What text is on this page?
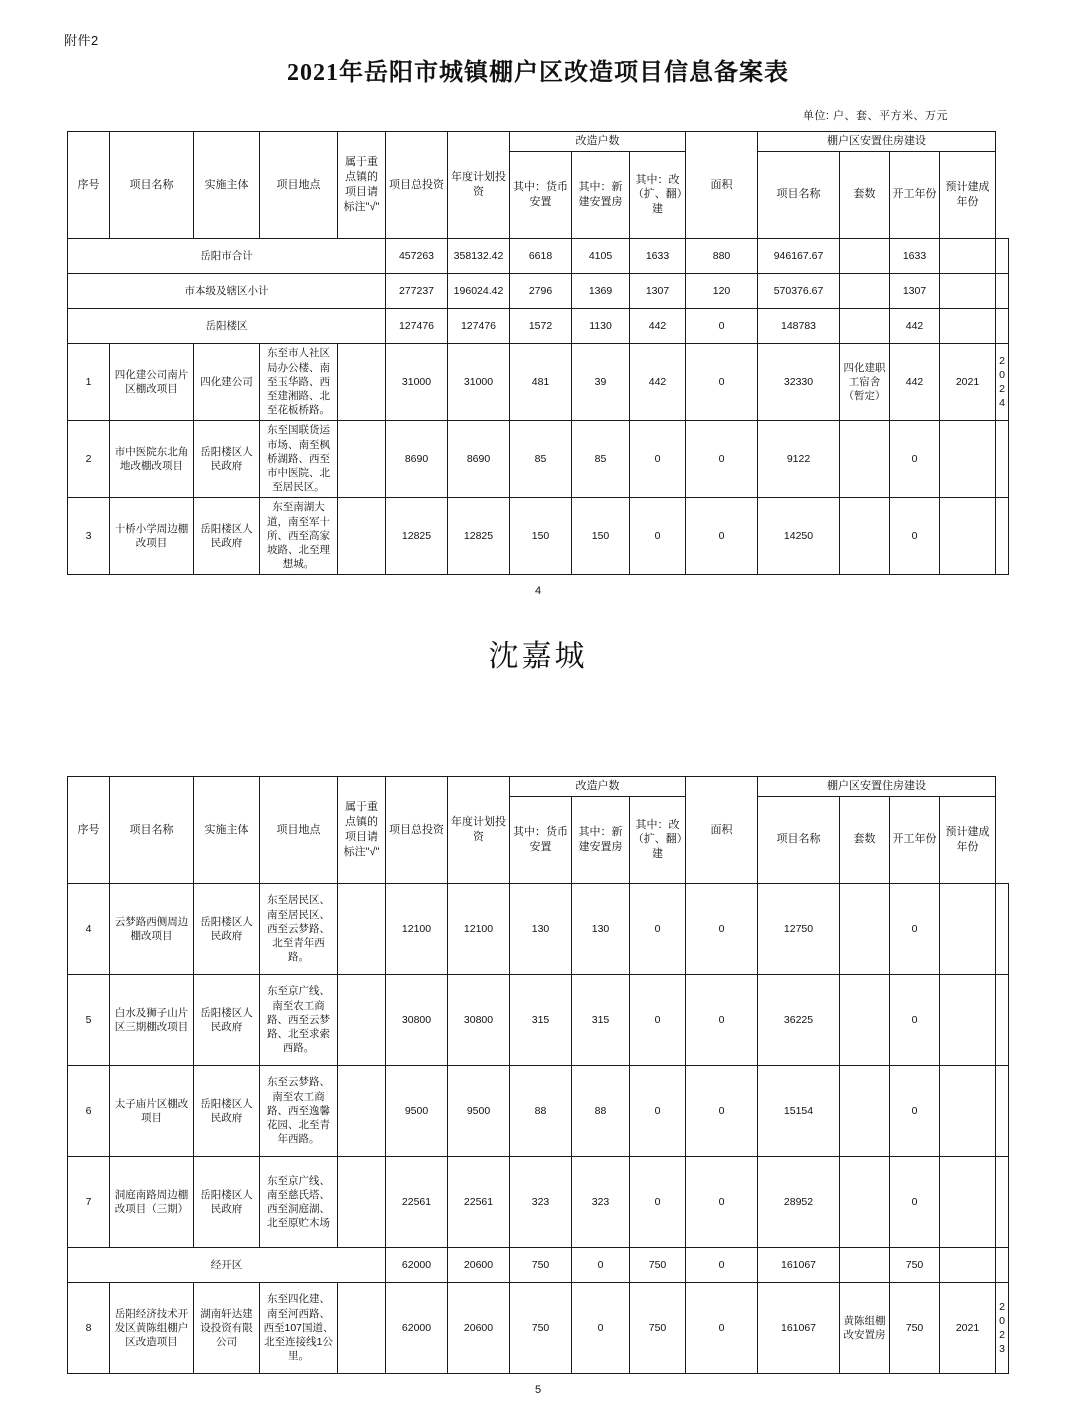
附件2
2021年岳阳市城镇棚户区改造项目信息备案表
单位: 户、套、平方米、万元
序号	项目名称	实施主体	项目地点	属于重点镇的项目请标注"√"	项目总投资	年度计划投资	改造户数			面积	棚户区安置住房建设				
							其中：货币安置	其中：新建安置房	其中：改（扩、翻）建		项目名称	套数	开工年份	预计建成年份	

岳阳市合计					457263	358132.42	6618	4105	1633	880	946167.67		1633		
市本级及辖区小计					277237	196024.42	2796	1369	1307	120	570376.67		1307		
岳阳楼区					127476	127476	1572	1130	442	0	148783		442		
1	四化建公司南片区棚改项目	四化建公司	东至市人社区局办公楼、南至玉华路、西至建湘路、北至花板桥路。		31000	31000	481	39	442	0	32330	四化建职工宿舍（暂定）	442	2021	2024
2	市中医院东北角地改棚改项目	岳阳楼区人民政府	东至国联货运市场、南至枫桥湖路、西至市中医院、北至居民区。		8690	8690	85	85	0	0	9122		0		
3	十桥小学周边棚改项目	岳阳楼区人民政府	东至南湖大道，南至军十所、西至高家坡路、北至理想城。		12825	12825	150	150	0	0	14250		0		
4
沈嘉城
序号	项目名称	实施主体	项目地点	属于重点镇的项目请标注"√"	项目总投资	年度计划投资	改造户数			面积	棚户区安置住房建设				
							其中：货币安置	其中：新建安置房	其中：改（扩、翻）建		项目名称	套数	开工年份	预计建成年份	

4	云梦路西侧周边棚改项目	岳阳楼区人民政府	东至居民区、南至居民区、西至云梦路、北至青年西路。		12100	12100	130	130	0	0	12750		0		
5	白水及狮子山片区三期棚改项目	岳阳楼区人民政府	东至京广线、南至农工商路、西至云梦路、北至求索西路。		30800	30800	315	315	0	0	36225		0		
6	太子庙片区棚改项目	岳阳楼区人民政府	东至云梦路、南至农工商路、西至逸馨花园、北至青年西路。		9500	9500	88	88	0	0	15154		0		
7	洞庭南路周边棚改项目（三期）	岳阳楼区人民政府	东至京广线、南至慈氏塔、西至洞庭湖、北至原贮木场		22561	22561	323	323	0	0	28952		0		
经开区					62000	20600	750	0	750	0	161067		750		
8	岳阳经济技术开发区黄陈组棚户区改造项目	湖南轩达建设投资有限公司	东至四化建、南至河西路、西至107国道、北至连接线1公里。		62000	20600	750	0	750	0	161067	黄陈组棚改安置房	750	2021	2023
5
